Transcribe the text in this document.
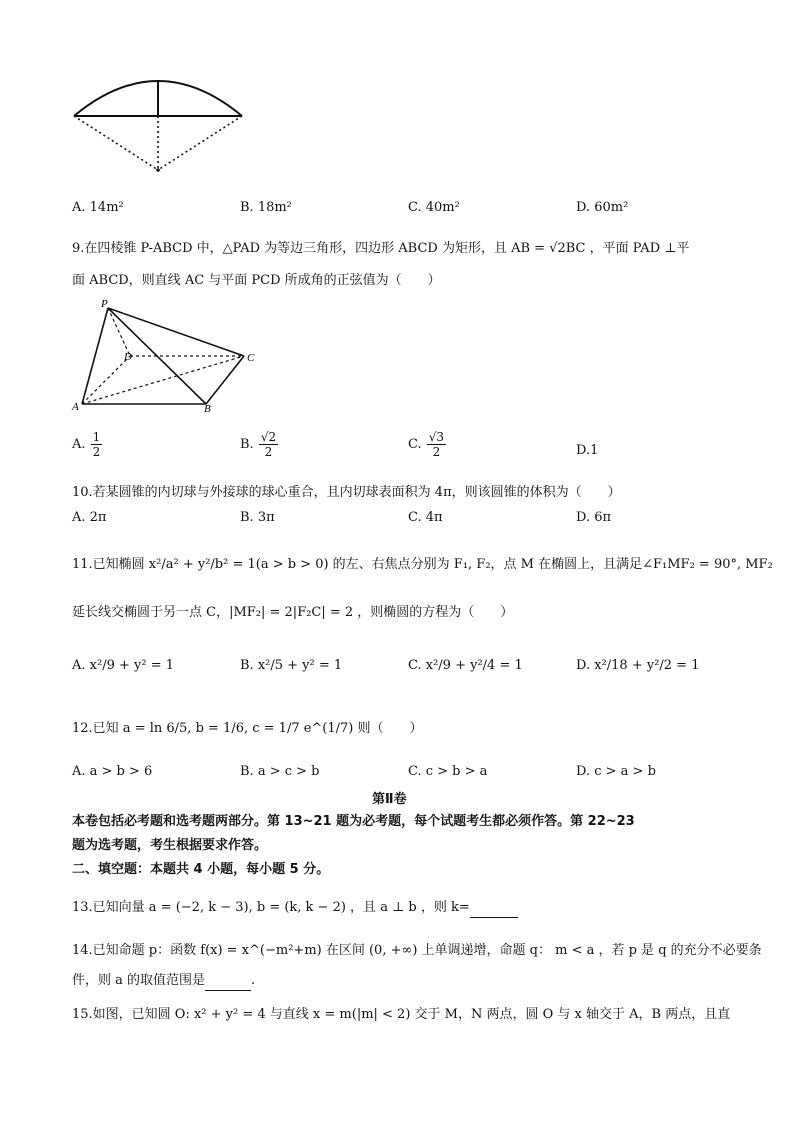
A. 14m²	B. 18m²	C. 40m²	D. 60m²
9.在四棱锥 P-ABCD 中，△PAD 为等边三角形，四边形 ABCD 为矩形，且 AB = √2BC ，平面 PAD ⊥平
面 ABCD，则直线 AC 与平面 PCD 所成角的正弦值为（　　）
P
D	C
A	B
A. $\frac{1}{2}$	B. $\frac{√2}{2}$	C. $\frac{√3}{2}$	D.1
10.若某圆锥的内切球与外接球的球心重合，且内切球表面积为 4π，则该圆锥的体积为（　　）
A. 2π	B. 3π	C. 4π	D. 6π
11.已知椭圆 x²/a² + y²/b² = 1(a > b > 0) 的左、右焦点分别为 F₁, F₂，点 M 在椭圆上，且满足∠F₁MF₂ = 90°, MF₂
延长线交椭圆于另一点 C，|MF₂| = 2|F₂C| = 2 ，则椭圆的方程为（　　）
A. x²/9 + y² = 1	B. x²/5 + y² = 1	C. x²/9 + y²/4 = 1	D. x²/18 + y²/2 = 1
12.已知 a = ln 6/5, b = 1/6, c = 1/7 e^(1/7) 则（　　）
A. a > b > 6	B. a > c > b	C. c > b > a	D. c > a > b
第Ⅱ卷
本卷包括必考题和选考题两部分。第 13~21 题为必考题，每个试题考生都必须作答。第 22~23
题为选考题，考生根据要求作答。
二、填空题：本题共 4 小题，每小题 5 分。
13.已知向量 a = (−2, k − 3), b = (k, k − 2) ，且 a ⊥ b ，则 k=
14.已知命题 p：函数 f(x) = x^(−m²+m) 在区间 (0, +∞) 上单调递增，命题 q： m < a ，若 p 是 q 的充分不必要条
件，则 a 的取值范围是	.
15.如图，已知圆 O: x² + y² = 4 与直线 x = m(|m| < 2) 交于 M，N 两点，圆 O 与 x 轴交于 A，B 两点，且直
